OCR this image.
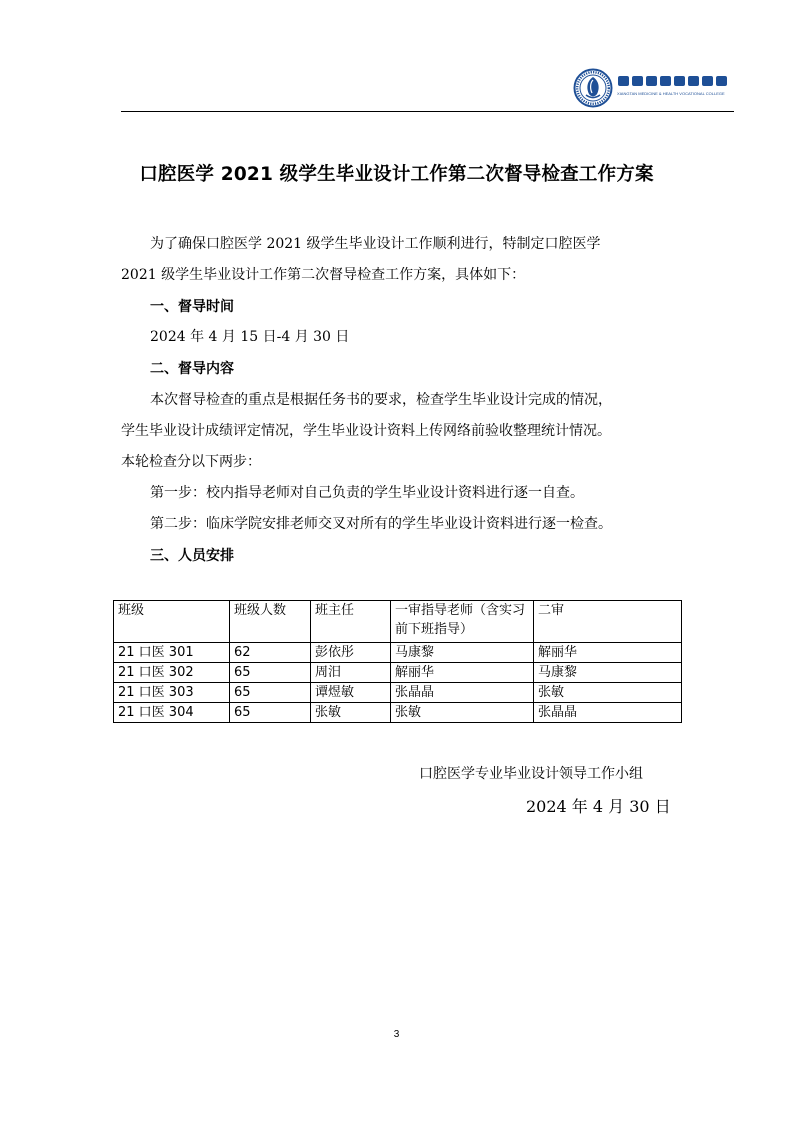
XIANGTAN MEDICINE & HEALTH VOCATIONAL COLLEGE
口腔医学 2021 级学生毕业设计工作第二次督导检查工作方案

为了确保口腔医学 2021 级学生毕业设计工作顺利进行，特制定口腔医学

2021 级学生毕业设计工作第二次督导检查工作方案，具体如下：

一、督导时间

2024 年 4 月 15 日-4 月 30 日

二、督导内容

本次督导检查的重点是根据任务书的要求，检查学生毕业设计完成的情况，

学生毕业设计成绩评定情况，学生毕业设计资料上传网络前验收整理统计情况。

本轮检查分以下两步：

第一步：校内指导老师对自己负责的学生毕业设计资料进行逐一自查。

第二步：临床学院安排老师交叉对所有的学生毕业设计资料进行逐一检查。

三、人员安排

班级	班级人数	班主任	一审指导老师（含实习前下班指导）	二审
21 口医 301	62	彭依彤	马康黎	解丽华
21 口医 302	65	周汨	解丽华	马康黎
21 口医 303	65	谭煜敏	张晶晶	张敏
21 口医 304	65	张敏	张敏	张晶晶
口腔医学专业毕业设计领导工作小组
2024 年 4 月 30 日
3
